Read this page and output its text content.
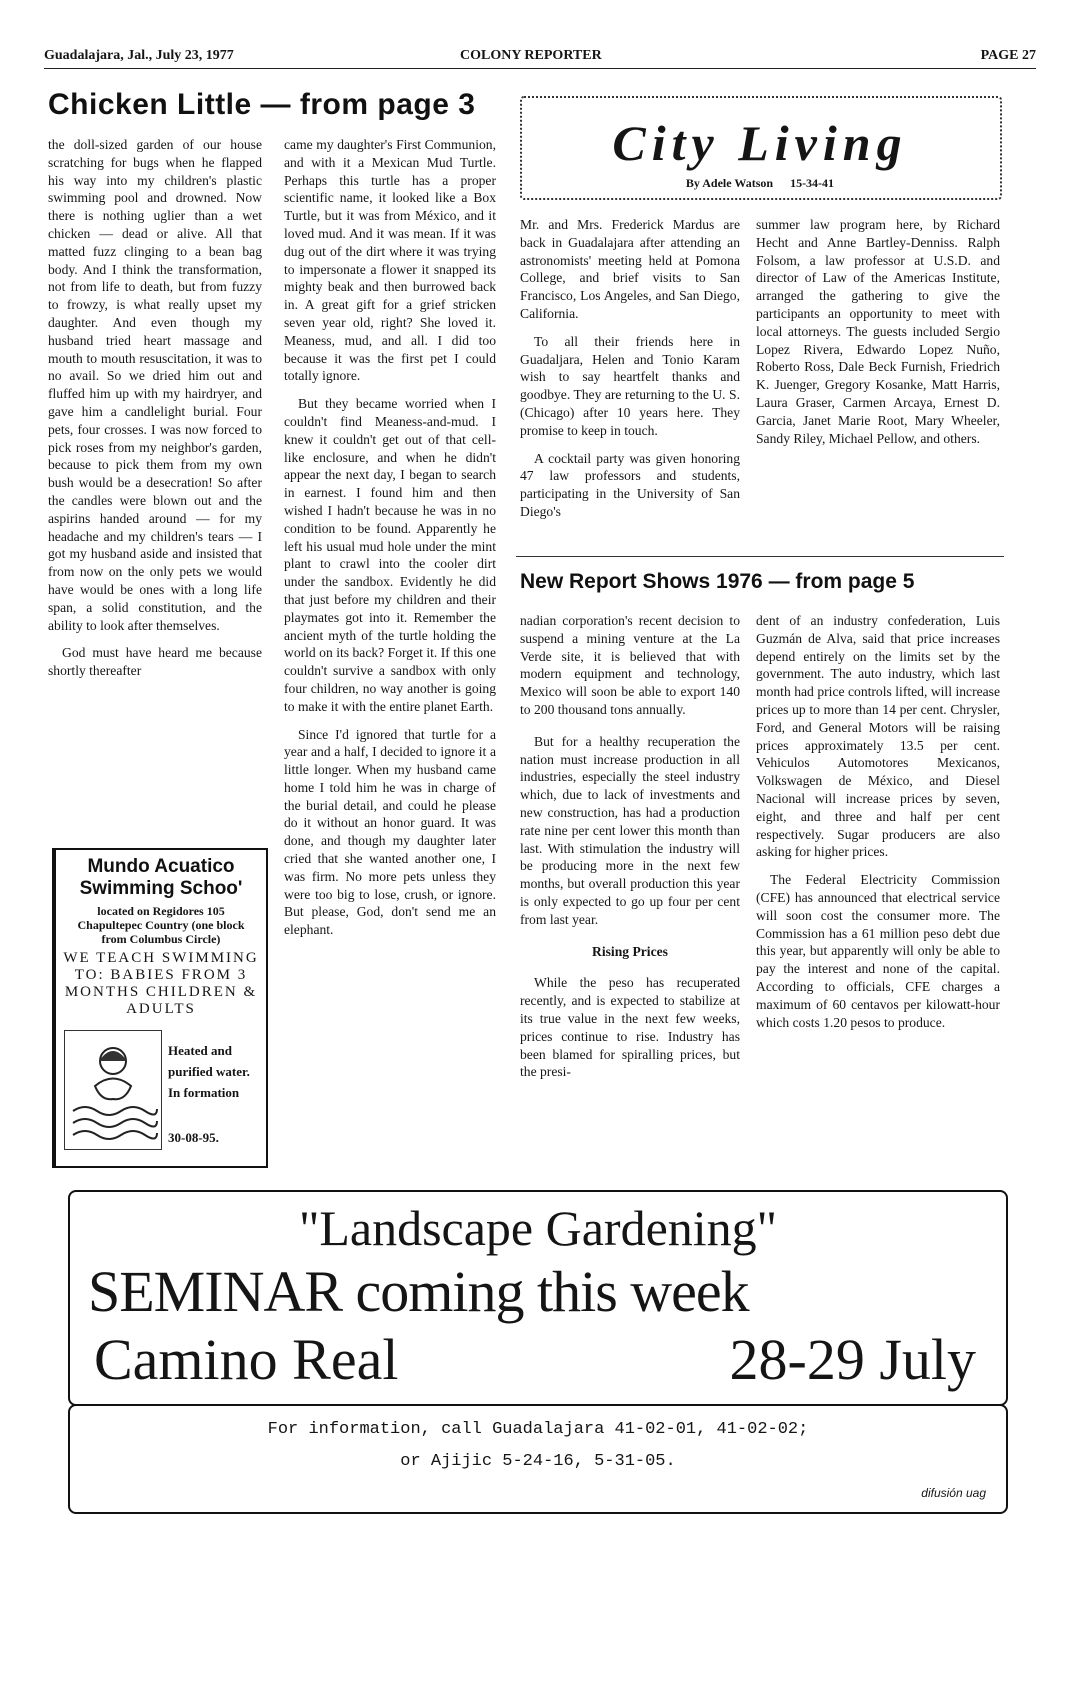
Guadalajara, Jal., July 23, 1977	COLONY REPORTER	PAGE 27
Chicken Little — from page 3

the doll-sized garden of our house scratching for bugs when he flapped his way into my children's plastic swimming pool and drowned. Now there is nothing uglier than a wet chicken — dead or alive. All that matted fuzz clinging to a bean bag body. And I think the transformation, not from life to death, but from fuzzy to frowzy, is what really upset my daughter. And even though my husband tried heart massage and mouth to mouth resuscitation, it was to no avail. So we dried him out and fluffed him up with my hairdryer, and gave him a candlelight burial. Four pets, four crosses. I was now forced to pick roses from my neighbor's garden, because to pick them from my own bush would be a desecration! So after the candles were blown out and the aspirins handed around — for my headache and my children's tears — I got my husband aside and insisted that from now on the only pets we would have would be ones with a long life span, a solid constitution, and the ability to look after themselves.

God must have heard me because shortly thereafter

came my daughter's First Communion, and with it a Mexican Mud Turtle. Perhaps this turtle has a proper scientific name, it looked like a Box Turtle, but it was from México, and it loved mud. And it was mean. If it was dug out of the dirt where it was trying to impersonate a flower it snapped its mighty beak and then burrowed back in. A great gift for a grief stricken seven year old, right? She loved it. Meaness, mud, and all. I did too because it was the first pet I could totally ignore.

But they became worried when I couldn't find Meaness-and-mud. I knew it couldn't get out of that cell-like enclosure, and when he didn't appear the next day, I began to search in earnest. I found him and then wished I hadn't because he was in no condition to be found. Apparently he left his usual mud hole under the mint plant to crawl into the cooler dirt under the sandbox. Evidently he did that just before my children and their playmates got into it. Remember the ancient myth of the turtle holding the world on its back? Forget it. If this one couldn't survive a sandbox with only four children, no way another is going to make it with the entire planet Earth.

Since I'd ignored that turtle for a year and a half, I decided to ignore it a little longer. When my husband came home I told him he was in charge of the burial detail, and could he please do it without an honor guard. It was done, and though my daughter later cried that she wanted another one, I was firm. No more pets unless they were too big to lose, crush, or ignore. But please, God, don't send me an elephant.

Mundo Acuatico
Swimming Schoo'
located on Regidores 105 Chapultepec Country (one block from Columbus Circle)
WE TEACH SWIMMING TO: BABIES FROM 3 MONTHS CHILDREN & ADULTS
Heated and purified water. In formation
30-08-95.
City Living
By Adele Watson 15-34-41

Mr. and Mrs. Frederick Mardus are back in Guadalajara after attending an astronomists' meeting held at Pomona College, and brief visits to San Francisco, Los Angeles, and San Diego, California.

To all their friends here in Guadaljara, Helen and Tonio Karam wish to say heartfelt thanks and goodbye. They are returning to the U. S. (Chicago) after 10 years here. They promise to keep in touch.

A cocktail party was given honoring 47 law professors and students, participating in the University of San Diego's

summer law program here, by Richard Hecht and Anne Bartley-Denniss. Ralph Folsom, a law professor at U.S.D. and director of Law of the Americas Institute, arranged the gathering to give the participants an opportunity to meet with local attorneys. The guests included Sergio Lopez Rivera, Edwardo Lopez Nuño, Roberto Ross, Dale Beck Furnish, Friedrich K. Juenger, Gregory Kosanke, Matt Harris, Laura Graser, Carmen Arcaya, Ernest D. Garcia, Janet Marie Root, Mary Wheeler, Sandy Riley, Michael Pellow, and others.

New Report Shows 1976 — from page 5

nadian corporation's recent decision to suspend a mining venture at the La Verde site, it is believed that with modern equipment and technology, Mexico will soon be able to export 140 to 200 thousand tons annually.

But for a healthy recuperation the nation must increase production in all industries, especially the steel industry which, due to lack of investments and new construction, has had a production rate nine per cent lower this month than last. With stimulation the industry will be producing more in the next few months, but overall production this year is only expected to go up four per cent from last year.

Rising Prices

While the peso has recuperated recently, and is expected to stabilize at its true value in the next few weeks, prices continue to rise. Industry has been blamed for spiralling prices, but the presi-

dent of an industry confederation, Luis Guzmán de Alva, said that price increases depend entirely on the limits set by the government. The auto industry, which last month had price controls lifted, will increase prices up to more than 14 per cent. Chrysler, Ford, and General Motors will be raising prices approximately 13.5 per cent. Vehiculos Automotores Mexicanos, Volkswagen de México, and Diesel Nacional will increase prices by seven, eight, and three and half per cent respectively. Sugar producers are also asking for higher prices.

The Federal Electricity Commission (CFE) has announced that electrical service will soon cost the consumer more. The Commission has a 61 million peso debt due this year, but apparently will only be able to pay the interest and none of the capital. According to officials, CFE charges a maximum of 60 centavos per kilowatt-hour which costs 1.20 pesos to produce.

"Landscape Gardening"
SEMINAR coming this week
Camino Real	28-29 July
For information, call Guadalajara 41-02-01, 41-02-02;
or Ajijic 5-24-16, 5-31-05.
difusión uag
